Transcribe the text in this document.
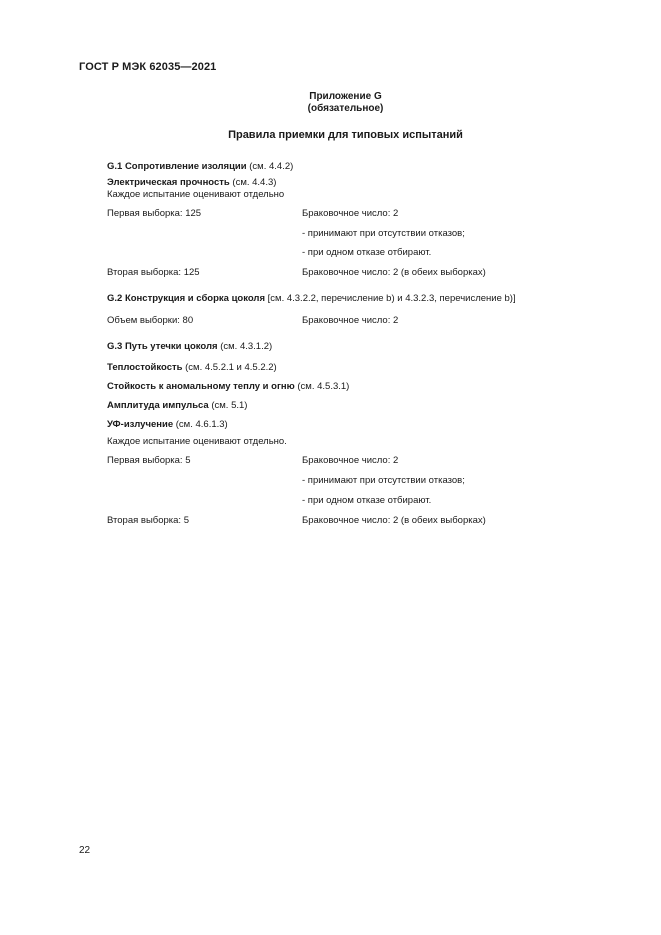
ГОСТ Р МЭК 62035—2021
Приложение G
(обязательное)
Правила приемки для типовых испытаний
G.1 Сопротивление изоляции (см. 4.4.2)
Электрическая прочность (см. 4.4.3)
Каждое испытание оценивают отдельно
Первая выборка: 125	Браковочное число: 2
- принимают при отсутствии отказов;
- при одном отказе отбирают.
Вторая выборка: 125	Браковочное число: 2 (в обеих выборках)
G.2 Конструкция и сборка цоколя [см. 4.3.2.2, перечисление b) и 4.3.2.3, перечисление b)]
Объем выборки: 80	Браковочное число: 2
G.3 Путь утечки цоколя (см. 4.3.1.2)
Теплостойкость (см. 4.5.2.1 и 4.5.2.2)
Стойкость к аномальному теплу и огню (см. 4.5.3.1)
Амплитуда импульса (см. 5.1)
УФ-излучение (см. 4.6.1.3)
Каждое испытание оценивают отдельно.
Первая выборка: 5	Браковочное число: 2
- принимают при отсутствии отказов;
- при одном отказе отбирают.
Вторая выборка: 5	Браковочное число: 2 (в обеих выборках)
22
